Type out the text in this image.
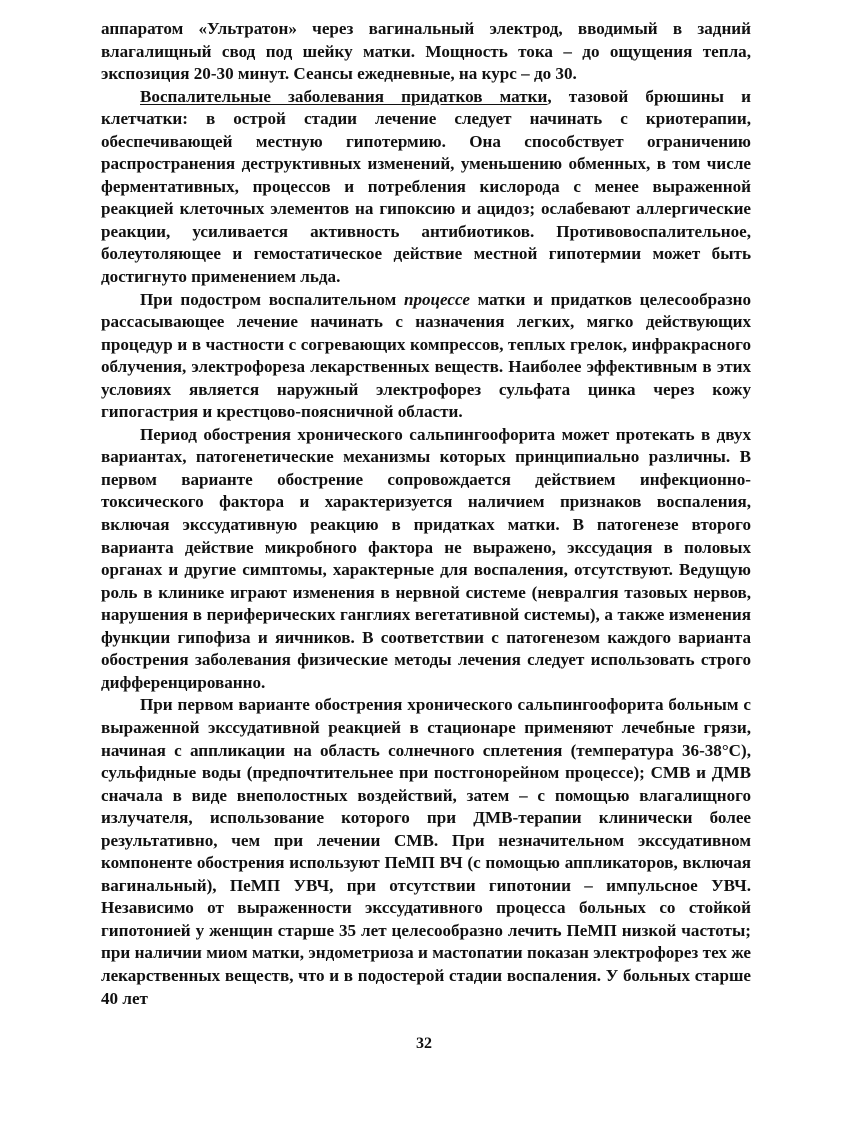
аппаратом «Ультратон» через вагинальный электрод, вводимый в задний влагалищный свод под шейку матки. Мощность тока – до ощущения тепла, экспозиция 20-30 минут. Сеансы ежедневные, на курс – до 30.

Воспалительные заболевания придатков матки, тазовой брюшины и клетчатки: в острой стадии лечение следует начинать с криотерапии, обеспечивающей местную гипотермию. Она способствует ограничению распространения деструктивных изменений, уменьшению обменных, в том числе ферментативных, процессов и потребления кислорода с менее выраженной реакцией клеточных элементов на гипоксию и ацидоз; ослабевают аллергические реакции, усиливается активность антибиотиков. Противовоспалительное, болеутоляющее и гемостатическое действие местной гипотермии может быть достигнуто применением льда.

При подостром воспалительном процессе матки и придатков целесообразно рассасывающее лечение начинать с назначения легких, мягко действующих процедур и в частности с согревающих компрессов, теплых грелок, инфракрасного облучения, электрофореза лекарственных веществ. Наиболее эффективным в этих условиях является наружный электрофорез сульфата цинка через кожу гипогастрия и крестцово-поясничной области.

Период обострения хронического сальпингоофорита может протекать в двух вариантах, патогенетические механизмы которых принципиально различны. В первом варианте обострение сопровождается действием инфекционно-токсического фактора и характеризуется наличием признаков воспаления, включая экссудативную реакцию в придатках матки. В патогенезе второго варианта действие микробного фактора не выражено, экссудация в половых органах и другие симптомы, характерные для воспаления, отсутствуют. Ведущую роль в клинике играют изменения в нервной системе (невралгия тазовых нервов, нарушения в периферических ганглиях вегетативной системы), а также изменения функции гипофиза и яичников. В соответствии с патогенезом каждого варианта обострения заболевания физические методы лечения следует использовать строго дифференцированно.

При первом варианте обострения хронического сальпингоофорита больным с выраженной экссудативной реакцией в стационаре применяют лечебные грязи, начиная с аппликации на область солнечного сплетения (температура 36-38°С), сульфидные воды (предпочтительнее при постгонорейном процессе); СМВ и ДМВ сначала в виде внеполостных воздействий, затем – с помощью влагалищного излучателя, использование которого при ДМВ-терапии клинически более результативно, чем при лечении СМВ. При незначительном экссудативном компоненте обострения используют ПеМП ВЧ (с помощью аппликаторов, включая вагинальный), ПеМП УВЧ, при отсутствии гипотонии – импульсное УВЧ. Независимо от выраженности экссудативного процесса больных со стойкой гипотонией у женщин старше 35 лет целесообразно лечить ПеМП низкой частоты; при наличии миом матки, эндометриоза и мастопатии показан электрофорез тех же лекарственных веществ, что и в подостерой стадии воспаления. У больных старше 40 лет

32
